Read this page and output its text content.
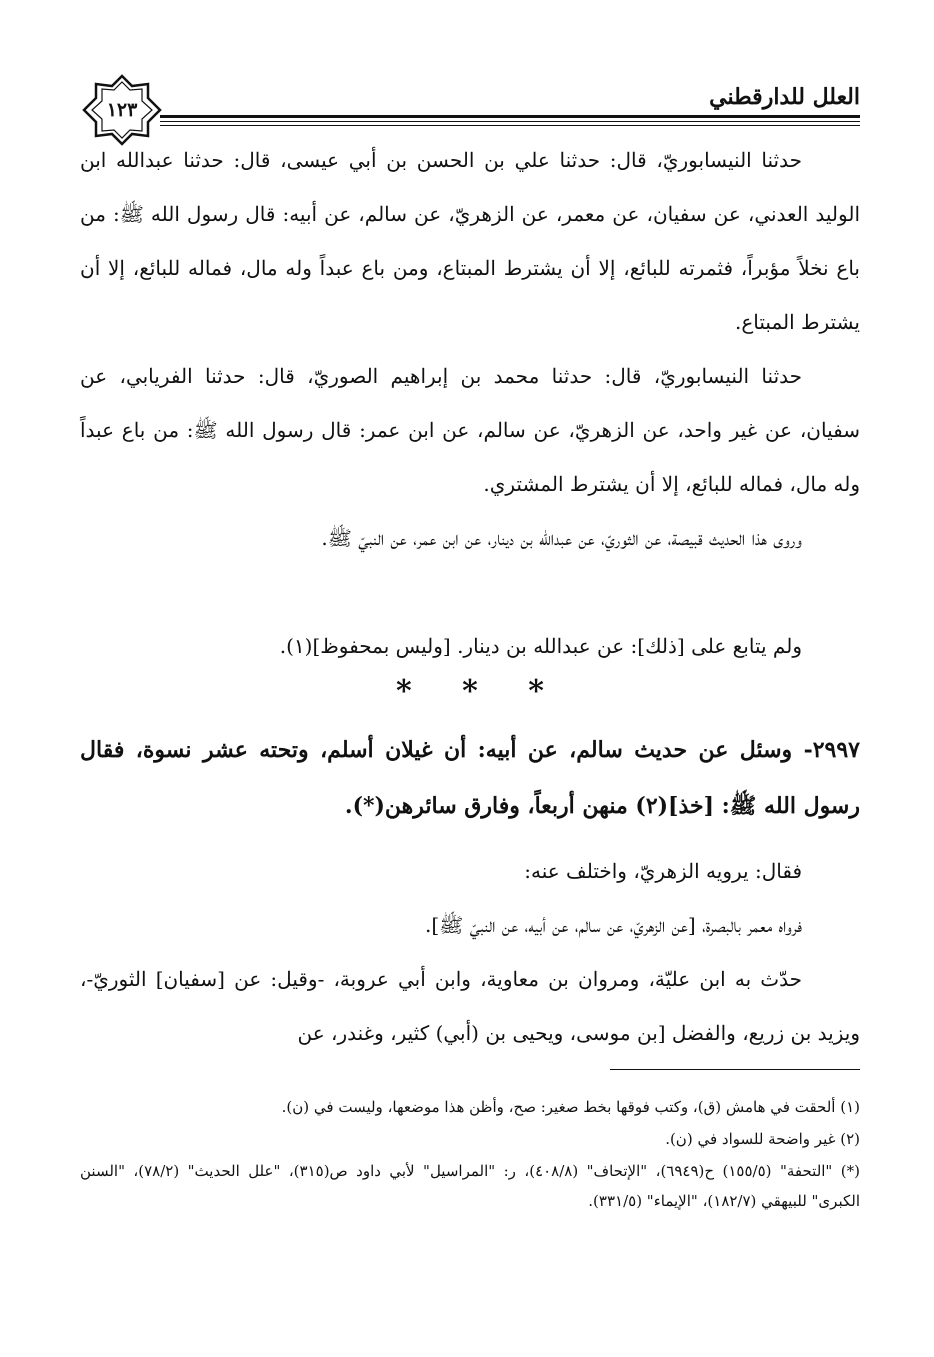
العلل للدارقطني
١٢٣

حدثنا النيسابوريّ، قال: حدثنا علي بن الحسن بن أبي عيسى، قال: حدثنا عبدالله ابن الوليد العدني، عن سفيان، عن معمر، عن الزهريّ، عن سالم، عن أبيه: قال رسول الله ﷺ: من باع نخلاً مؤبراً، فثمرته للبائع، إلا أن يشترط المبتاع، ومن باع عبداً وله مال، فماله للبائع، إلا أن يشترط المبتاع.

حدثنا النيسابوريّ، قال: حدثنا محمد بن إبراهيم الصوريّ، قال: حدثنا الفريابي، عن سفيان، عن غير واحد، عن الزهريّ، عن سالم، عن ابن عمر: قال رسول الله ﷺ: من باع عبداً وله مال، فماله للبائع، إلا أن يشترط المشتري.

وروى هذا الحديث قبيصة، عن الثوريّ، عن عبدالله بن دينار، عن ابن عمر، عن النبيّ ﷺ.

ولم يتابع على [ذلك]: عن عبدالله بن دينار. [وليس بمحفوظ](١).

* * *

٢٩٩٧- وسئل عن حديث سالم، عن أبيه: أن غيلان أسلم، وتحته عشر نسوة، فقال رسول الله ﷺ: [خذ](٢) منهن أربعاً، وفارق سائرهن(*).

فقال: يرويه الزهريّ، واختلف عنه:

فرواه معمر بالبصرة، [عن الزهريّ، عن سالم، عن أبيه، عن النبيّ ﷺ].

حدّث به ابن عليّة، ومروان بن معاوية، وابن أبي عروبة، -وقيل: عن [سفيان] الثوريّ-، ويزيد بن زريع، والفضل [بن موسى، ويحيى بن (أبي) كثير، وغندر، عن

(١) ألحقت في هامش (ق)، وكتب فوقها بخط صغير: صح، وأظن هذا موضعها، وليست في (ن).
(٢) غير واضحة للسواد في (ن).
(*) "التحفة" (١٥٥/٥) ح(٦٩٤٩)، "الإتحاف" (٤٠٨/٨)، ر: "المراسيل" لأبي داود ص(٣١٥)، "علل الحديث" (٧٨/٢)، "السنن الكبرى" للبيهقي (١٨٢/٧)، "الإيماء" (٣٣١/٥).
